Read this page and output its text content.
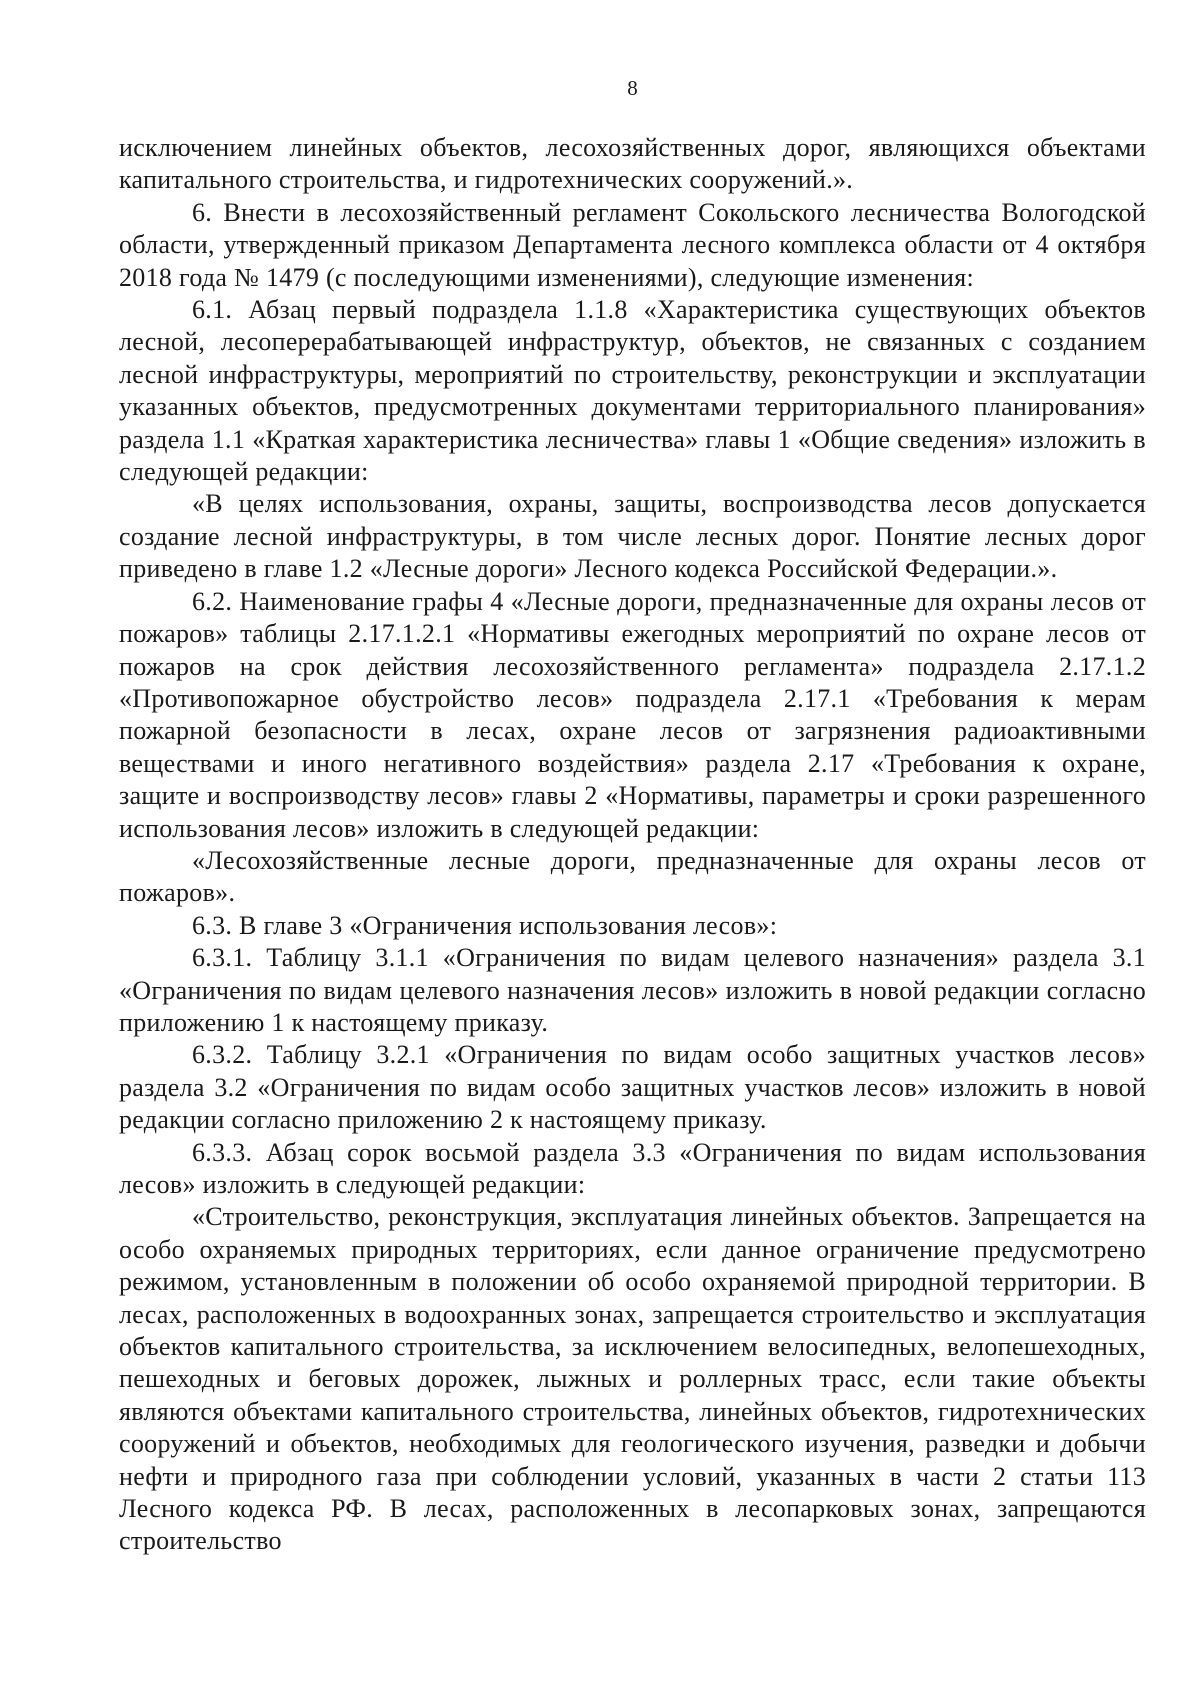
8

исключением линейных объектов, лесохозяйственных дорог, являющихся объектами капитального строительства, и гидротехнических сооружений.».

6. Внести в лесохозяйственный регламент Сокольского лесничества Вологодской области, утвержденный приказом Департамента лесного комплекса области от 4 октября 2018 года № 1479 (с последующими изменениями), следующие изменения:

6.1. Абзац первый подраздела 1.1.8 «Характеристика существующих объектов лесной, лесоперерабатывающей инфраструктур, объектов, не связанных с созданием лесной инфраструктуры, мероприятий по строительству, реконструкции и эксплуатации указанных объектов, предусмотренных документами территориального планирования» раздела 1.1 «Краткая характеристика лесничества» главы 1 «Общие сведения» изложить в следующей редакции:

«В целях использования, охраны, защиты, воспроизводства лесов допускается создание лесной инфраструктуры, в том числе лесных дорог. Понятие лесных дорог приведено в главе 1.2 «Лесные дороги» Лесного кодекса Российской Федерации.».

6.2. Наименование графы 4 «Лесные дороги, предназначенные для охраны лесов от пожаров» таблицы 2.17.1.2.1 «Нормативы ежегодных мероприятий по охране лесов от пожаров на срок действия лесохозяйственного регламента» подраздела 2.17.1.2 «Противопожарное обустройство лесов» подраздела 2.17.1 «Требования к мерам пожарной безопасности в лесах, охране лесов от загрязнения радиоактивными веществами и иного негативного воздействия» раздела 2.17 «Требования к охране, защите и воспроизводству лесов» главы 2 «Нормативы, параметры и сроки разрешенного использования лесов» изложить в следующей редакции:

«Лесохозяйственные лесные дороги, предназначенные для охраны лесов от пожаров».

6.3. В главе 3 «Ограничения использования лесов»:

6.3.1. Таблицу 3.1.1 «Ограничения по видам целевого назначения» раздела 3.1 «Ограничения по видам целевого назначения лесов» изложить в новой редакции согласно приложению 1 к настоящему приказу.

6.3.2. Таблицу 3.2.1 «Ограничения по видам особо защитных участков лесов» раздела 3.2 «Ограничения по видам особо защитных участков лесов» изложить в новой редакции согласно приложению 2 к настоящему приказу.

6.3.3. Абзац сорок восьмой раздела 3.3 «Ограничения по видам использования лесов» изложить в следующей редакции:

«Строительство, реконструкция, эксплуатация линейных объектов. Запрещается на особо охраняемых природных территориях, если данное ограничение предусмотрено режимом, установленным в положении об особо охраняемой природной территории. В лесах, расположенных в водоохранных зонах, запрещается строительство и эксплуатация объектов капитального строительства, за исключением велосипедных, велопешеходных, пешеходных и беговых дорожек, лыжных и роллерных трасс, если такие объекты являются объектами капитального строительства, линейных объектов, гидротехнических сооружений и объектов, необходимых для геологического изучения, разведки и добычи нефти и природного газа при соблюдении условий, указанных в части 2 статьи 113 Лесного кодекса РФ. В лесах, расположенных в лесопарковых зонах, запрещаются строительство
